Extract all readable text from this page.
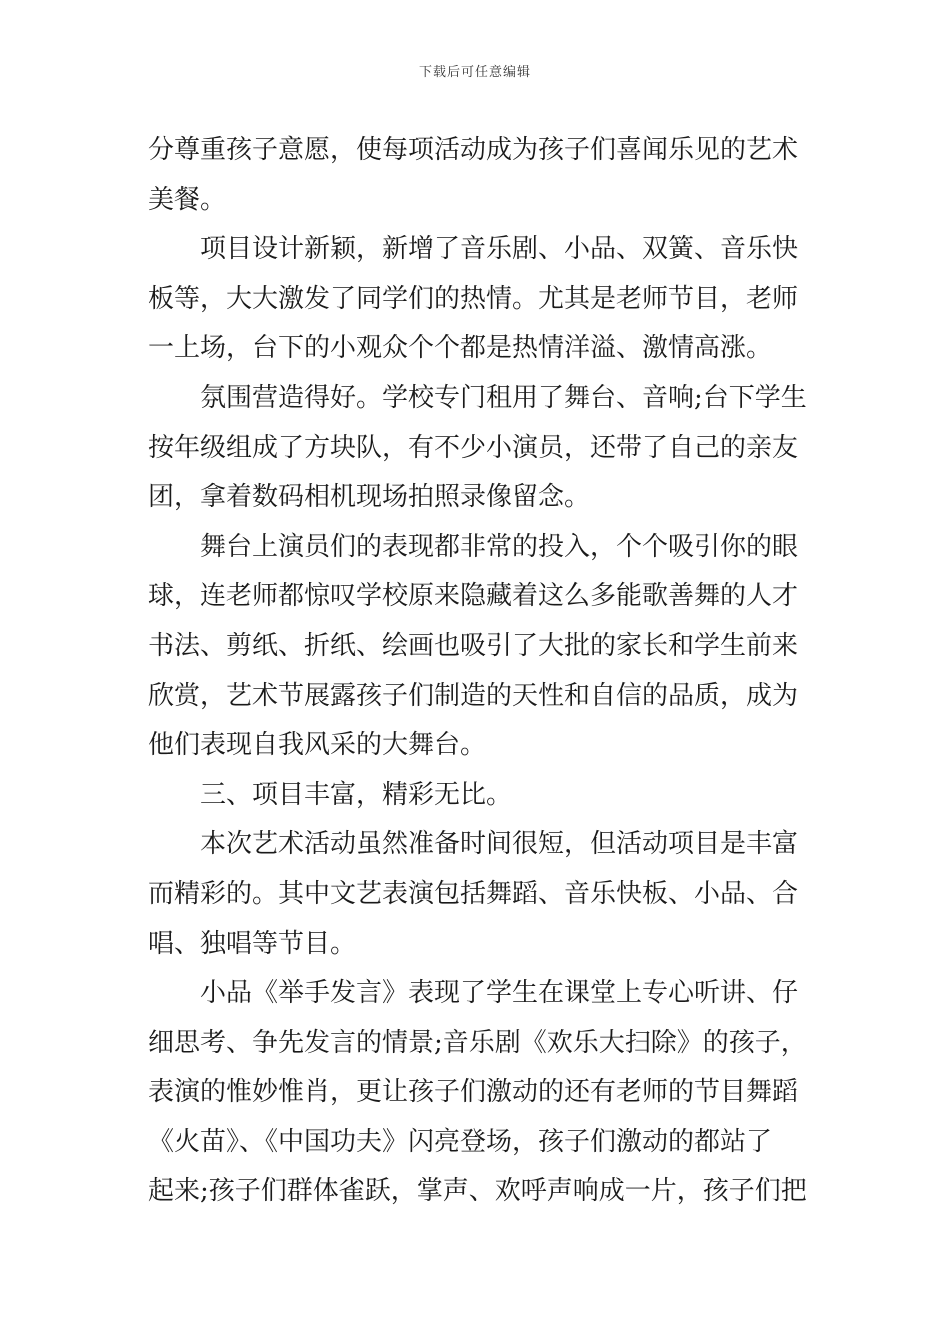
下载后可任意编辑
分尊重孩子意愿，使每项活动成为孩子们喜闻乐见的艺术
美餐。
项目设计新颖，新增了音乐剧、小品、双簧、音乐快
板等，大大激发了同学们的热情。尤其是老师节目，老师
一上场，台下的小观众个个都是热情洋溢、激情高涨。
氛围营造得好。学校专门租用了舞台、音响;台下学生
按年级组成了方块队，有不少小演员，还带了自己的亲友
团，拿着数码相机现场拍照录像留念。
舞台上演员们的表现都非常的投入，个个吸引你的眼
球，连老师都惊叹学校原来隐藏着这么多能歌善舞的人才
书法、剪纸、折纸、绘画也吸引了大批的家长和学生前来
欣赏，艺术节展露孩子们制造的天性和自信的品质，成为
他们表现自我风采的大舞台。
三、项目丰富，精彩无比。
本次艺术活动虽然准备时间很短，但活动项目是丰富
而精彩的。其中文艺表演包括舞蹈、音乐快板、小品、合
唱、独唱等节目。
小品《举手发言》表现了学生在课堂上专心听讲、仔
细思考、争先发言的情景;音乐剧《欢乐大扫除》的孩子，
表演的惟妙惟肖，更让孩子们激动的还有老师的节目舞蹈
《火苗》、《中国功夫》闪亮登场，孩子们激动的都站了
起来;孩子们群体雀跃，掌声、欢呼声响成一片，孩子们把
